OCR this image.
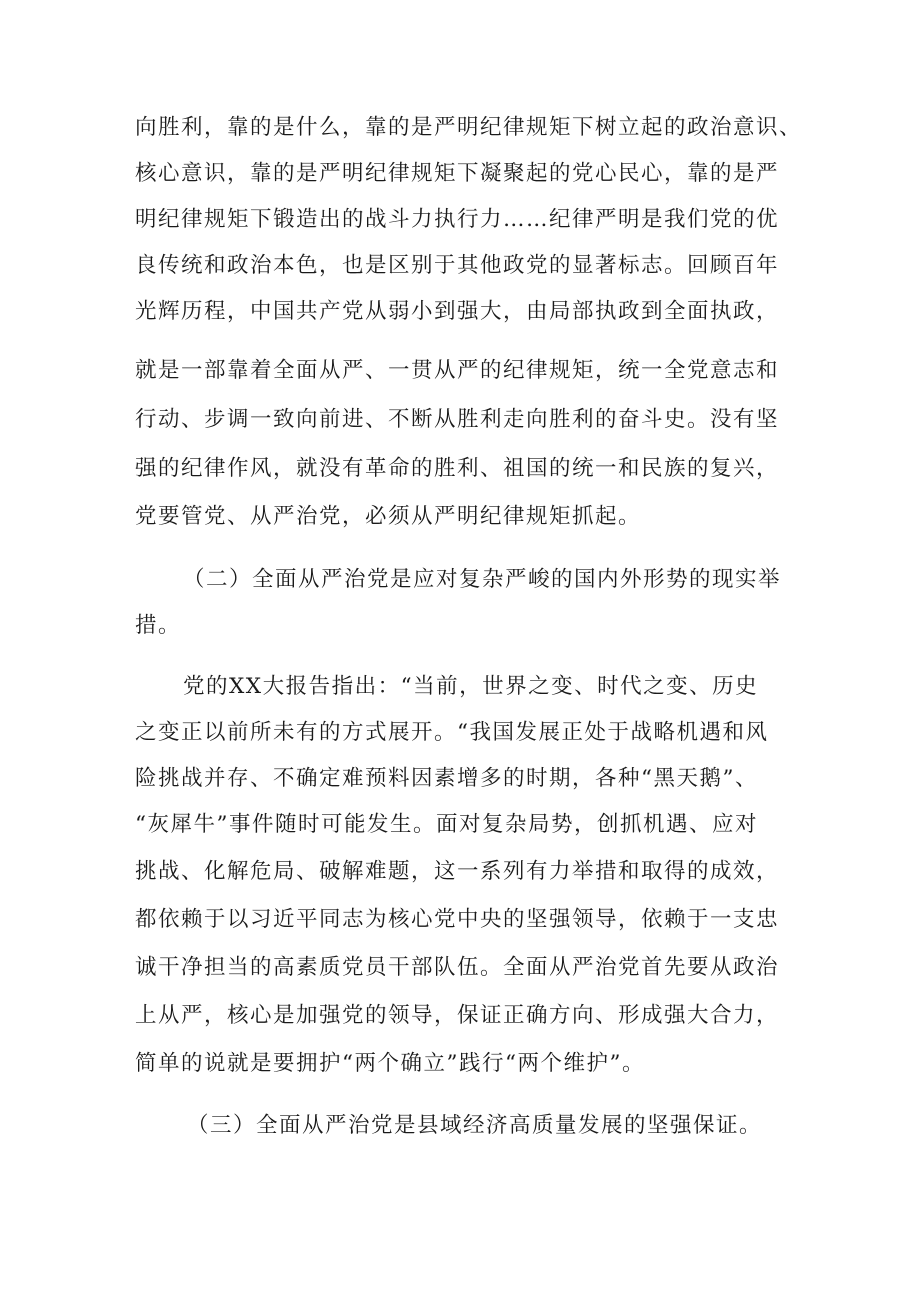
向胜利，靠的是什么，靠的是严明纪律规矩下树立起的政治意识、
核心意识，靠的是严明纪律规矩下凝聚起的党心民心，靠的是严
明纪律规矩下锻造出的战斗力执行力……纪律严明是我们党的优
良传统和政治本色，也是区别于其他政党的显著标志。回顾百年
光辉历程，中国共产党从弱小到强大，由局部执政到全面执政，
就是一部靠着全面从严、一贯从严的纪律规矩，统一全党意志和
行动、步调一致向前进、不断从胜利走向胜利的奋斗史。没有坚
强的纪律作风，就没有革命的胜利、祖国的统一和民族的复兴，
党要管党、从严治党，必须从严明纪律规矩抓起。
（二）全面从严治党是应对复杂严峻的国内外形势的现实举
措。
党的XX大报告指出：“当前，世界之变、时代之变、历史
之变正以前所未有的方式展开。“我国发展正处于战略机遇和风
险挑战并存、不确定难预料因素增多的时期，各种“黑天鹅”、
“灰犀牛”事件随时可能发生。面对复杂局势，创抓机遇、应对
挑战、化解危局、破解难题，这一系列有力举措和取得的成效，
都依赖于以习近平同志为核心党中央的坚强领导，依赖于一支忠
诚干净担当的高素质党员干部队伍。全面从严治党首先要从政治
上从严，核心是加强党的领导，保证正确方向、形成强大合力，
简单的说就是要拥护“两个确立”践行“两个维护”。
（三）全面从严治党是县域经济高质量发展的坚强保证。
